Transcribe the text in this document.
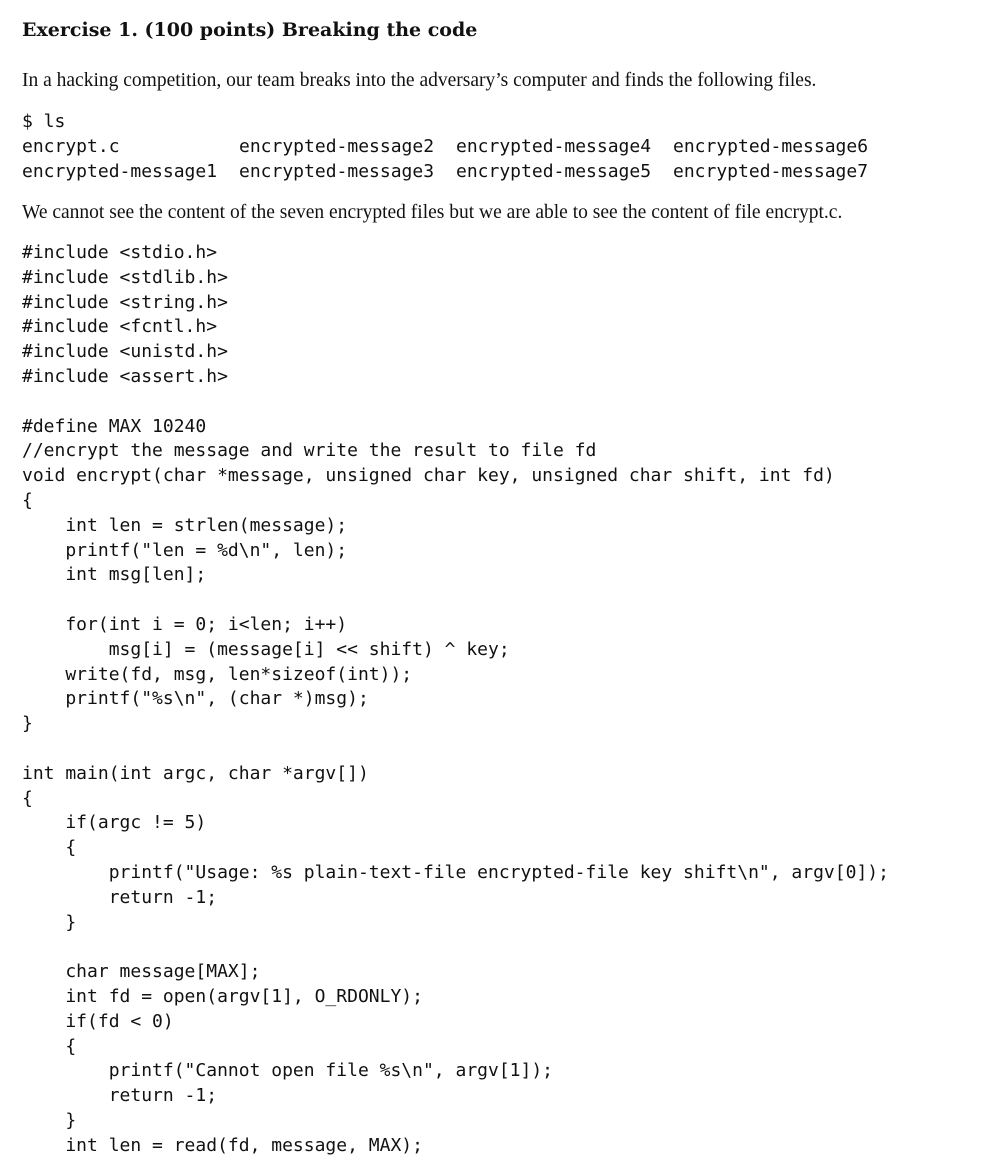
Exercise 1. (100 points) Breaking the code
In a hacking competition, our team breaks into the adversary’s computer and finds the following files.
$ ls
encrypt.c	encrypted-message2	encrypted-message4	encrypted-message6
encrypted-message1	encrypted-message3	encrypted-message5	encrypted-message7
We cannot see the content of the seven encrypted files but we are able to see the content of file encrypt.c.
#include <stdio.h>
#include <stdlib.h>
#include <string.h>
#include <fcntl.h>
#include <unistd.h>
#include <assert.h>
#define MAX 10240
//encrypt the message and write the result to file fd
void encrypt(char *message, unsigned char key, unsigned char shift, int fd)
{
int len = strlen(message);
printf("len = %d\n", len);
int msg[len];
for(int i = 0; i<len; i++)
msg[i] = (message[i] << shift) ^ key;
write(fd, msg, len*sizeof(int));
printf("%s\n", (char *)msg);
}
int main(int argc, char *argv[])
{
if(argc != 5)
{
printf("Usage: %s plain-text-file encrypted-file key shift\n", argv[0]);
return -1;
}
char message[MAX];
int fd = open(argv[1], O_RDONLY);
if(fd < 0)
{
printf("Cannot open file %s\n", argv[1]);
return -1;
}
int len = read(fd, message, MAX);
